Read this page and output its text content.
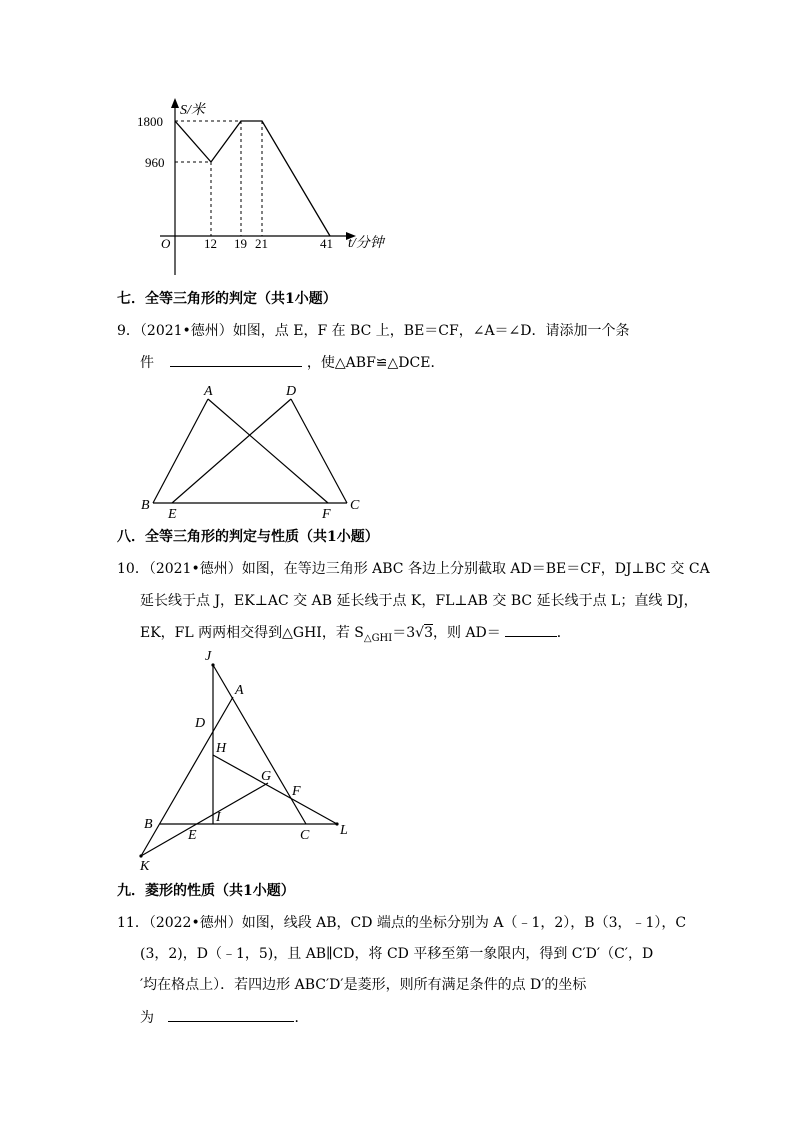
S/米
1800
960
O	12 19 21	41 t/分钟
七．全等三角形的判定（共1小题）
9．（2021•德州）如图，点 E，F 在 BC 上，BE＝CF，∠A＝∠D．请添加一个条
件	，使△ABF≌△DCE．
A	D
B	C
E	F
八．全等三角形的判定与性质（共1小题）
10．（2021•德州）如图，在等边三角形 ABC 各边上分别截取 AD＝BE＝CF，DJ⊥BC 交 CA
延长线于点 J，EK⊥AC 交 AB 延长线于点 K，FL⊥AB 交 BC 延长线于点 L；直线 DJ，
EK，FL 两两相交得到△GHI，若 $S_{\triangle GHI}=3√3$，则 AD＝	．
J
A
D
H
G
F
B	I
E	C L
K
九．菱形的性质（共1小题）
11．（2022•德州）如图，线段 AB，CD 端点的坐标分别为 A（﹣1，2），B（3，﹣1），C
(3，2)，D（﹣1，5)，且 AB∥CD，将 CD 平移至第一象限内，得到 C′D′（C′，D
′均在格点上）．若四边形 ABC′D′是菱形，则所有满足条件的点 D′的坐标
为	．
